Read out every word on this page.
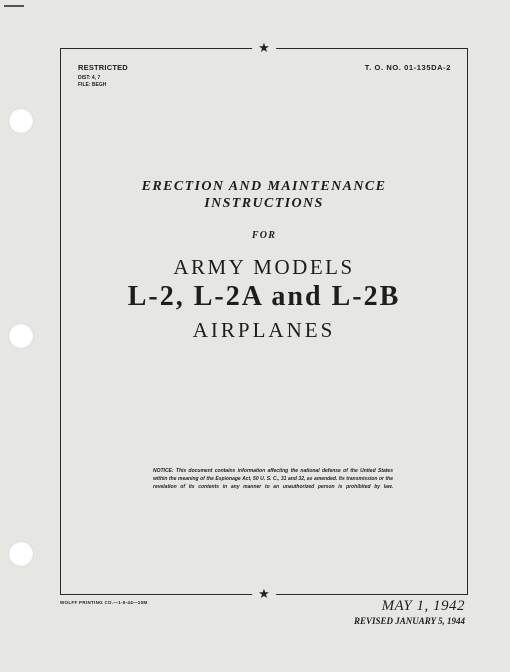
★
★
RESTRICTED
DIST: 4, 7
FILE: BEGH
T. O. NO. 01-135DA-2
ERECTION AND MAINTENANCE
INSTRUCTIONS
FOR
ARMY MODELS
L-2, L-2A and L-2B
AIRPLANES
NOTICE: This document contains information affecting the national defense of the United States within the meaning of the Espionage Act, 50 U. S. C., 31 and 32, as amended. Its transmission or the revelation of its contents in any manner to an unauthorized person is prohibited by law.
WOLFF PRINTING CO.—1-5-44—10M	MAY 1, 1942
REVISED JANUARY 5, 1944
